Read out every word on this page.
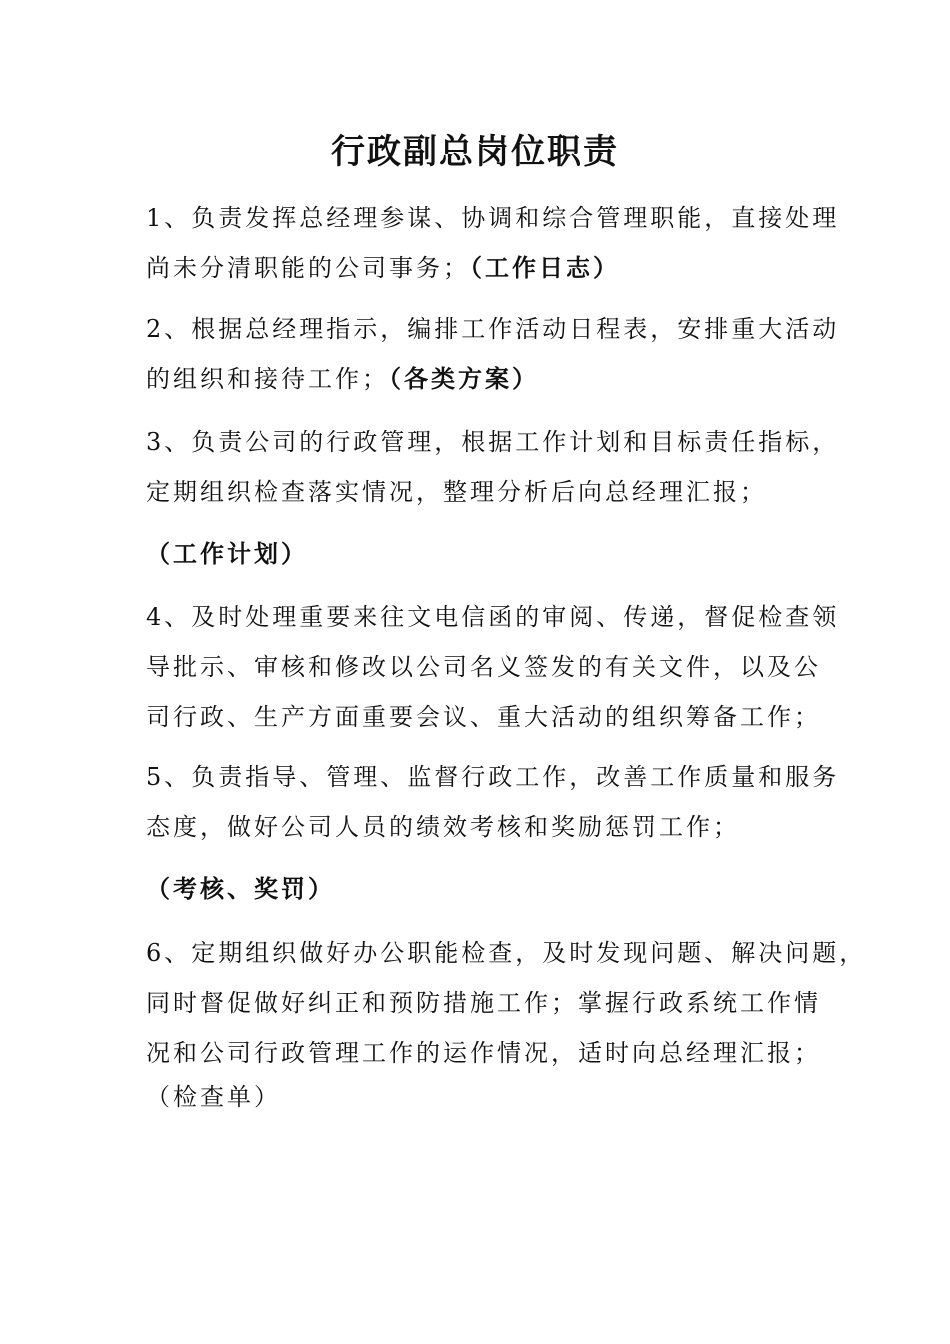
行政副总岗位职责
1、负责发挥总经理参谋、协调和综合管理职能，直接处理
尚未分清职能的公司事务；（工作日志）
2、根据总经理指示，编排工作活动日程表，安排重大活动
的组织和接待工作；（各类方案）
3、负责公司的行政管理，根据工作计划和目标责任指标，
定期组织检查落实情况，整理分析后向总经理汇报；
（工作计划）
4、及时处理重要来往文电信函的审阅、传递，督促检查领
导批示、审核和修改以公司名义签发的有关文件，以及公
司行政、生产方面重要会议、重大活动的组织筹备工作；
5、负责指导、管理、监督行政工作，改善工作质量和服务
态度，做好公司人员的绩效考核和奖励惩罚工作；
（考核、奖罚）
6、定期组织做好办公职能检查，及时发现问题、解决问题，
同时督促做好纠正和预防措施工作；掌握行政系统工作情
况和公司行政管理工作的运作情况，适时向总经理汇报；
（检查单）
